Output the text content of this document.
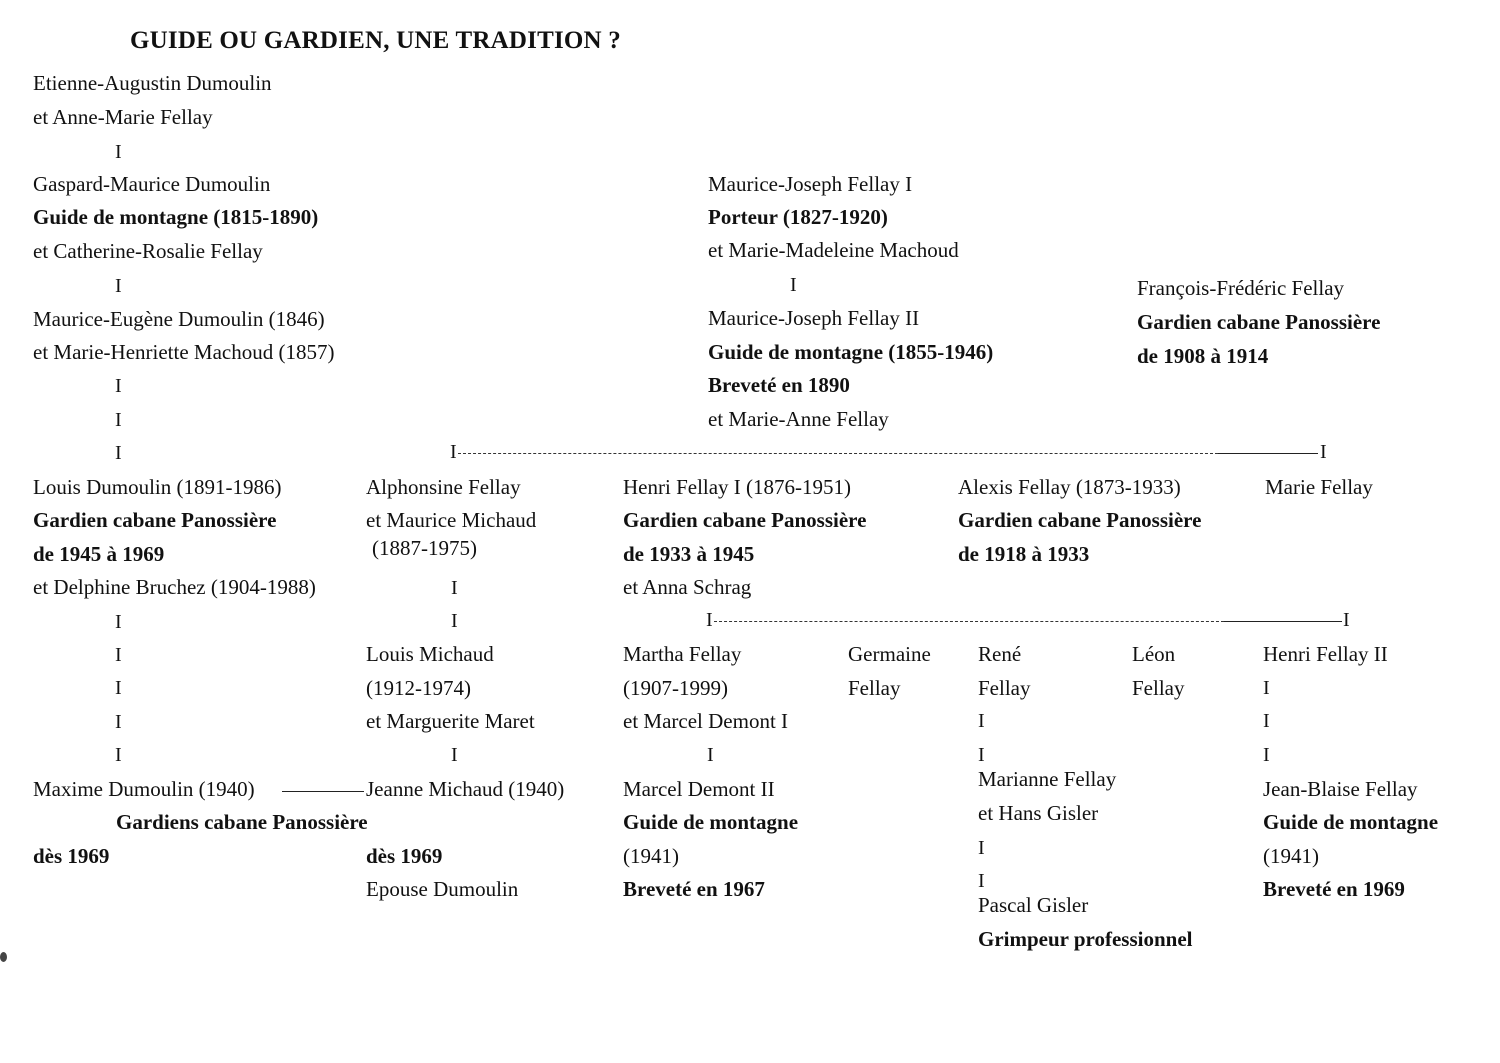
GUIDE OU GARDIEN, UNE TRADITION ?
Etienne-Augustin Dumoulin
et Anne-Marie Fellay
I
Gaspard-Maurice Dumoulin
Guide de montagne (1815-1890)
et Catherine-Rosalie Fellay
I
Maurice-Eugène Dumoulin (1846)
et Marie-Henriette Machoud (1857)
I
I
I
Louis Dumoulin (1891-1986)
Gardien cabane Panossière
de 1945 à 1969
et Delphine Bruchez (1904-1988)
I
I
I
I
I
Maxime Dumoulin (1940)
Gardiens cabane Panossière
dès 1969
Alphonsine Fellay
et Maurice Michaud
(1887-1975)
I
I
Louis Michaud
(1912-1974)
et Marguerite Maret
I
Jeanne Michaud (1940)
dès 1969
Epouse Dumoulin
Maurice-Joseph Fellay I
Porteur (1827-1920)
et Marie-Madeleine Machoud
I
Maurice-Joseph Fellay II
Guide de montagne (1855-1946)
Breveté en 1890
et Marie-Anne Fellay
François-Frédéric Fellay
Gardien cabane Panossière
de 1908 à 1914
I	I
Henri Fellay I (1876-1951)
Gardien cabane Panossière
de 1933 à 1945
et Anna Schrag
Alexis Fellay (1873-1933)
Gardien cabane Panossière
de 1918 à 1933
Marie Fellay
I	I
Martha Fellay
(1907-1999)
et Marcel Demont I
I
Marcel Demont II
Guide de montagne
(1941)
Breveté en 1967
Germaine
Fellay
René
Fellay
I
I
Marianne Fellay
et Hans Gisler
I
I
Pascal Gisler
Grimpeur professionnel
Léon
Fellay
Henri Fellay II
I
I
I
Jean-Blaise Fellay
Guide de montagne
(1941)
Breveté en 1969
